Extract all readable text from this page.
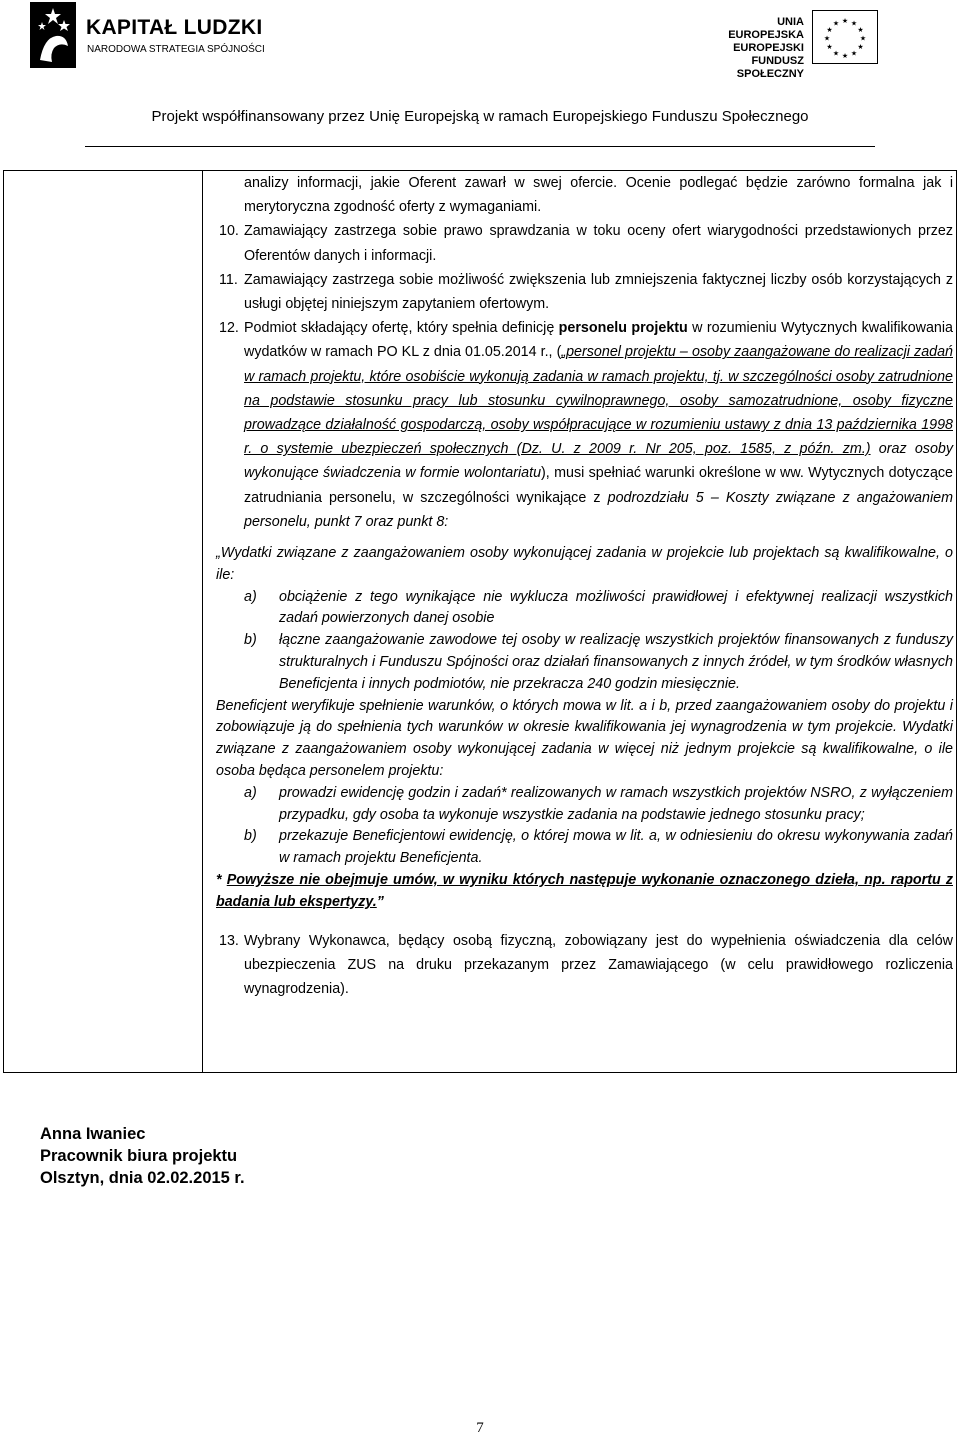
KAPITAŁ LUDZKI
NARODOWA STRATEGIA SPÓJNOŚCI
UNIA EUROPEJSKA
EUROPEJSKI
FUNDUSZ SPOŁECZNY
★ ★
★
★
★
★
★
★
★
★
★
★
Projekt współfinansowany przez Unię Europejską w ramach Europejskiego Funduszu Społecznego

analizy informacji, jakie Oferent zawarł w swej ofercie. Ocenie podlegać będzie zarówno formalna jak i merytoryczna zgodność oferty z wymaganiami.

10. Zamawiający zastrzega sobie prawo sprawdzania w toku oceny ofert wiarygodności przedstawionych przez Oferentów danych i informacji.
11. Zamawiający zastrzega sobie możliwość zwiększenia lub zmniejszenia faktycznej liczby osób korzystających z usługi objętej niniejszym zapytaniem ofertowym.
12. Podmiot składający ofertę, który spełnia definicję personelu projektu w rozumieniu Wytycznych kwalifikowania wydatków w ramach PO KL z dnia 01.05.2014 r., („personel projektu – osoby zaangażowane do realizacji zadań w ramach projektu, które osobiście wykonują zadania w ramach projektu, tj. w szczególności osoby zatrudnione na podstawie stosunku pracy lub stosunku cywilnoprawnego, osoby samozatrudnione, osoby fizyczne prowadzące działalność gospodarczą, osoby współpracujące w rozumieniu ustawy z dnia 13 października 1998 r. o systemie ubezpieczeń społecznych (Dz. U. z 2009 r. Nr 205, poz. 1585, z późn. zm.) oraz osoby wykonujące świadczenia w formie wolontariatu), musi spełniać warunki określone w ww. Wytycznych dotyczące zatrudniania personelu, w szczególności wynikające z podrozdziału 5 – Koszty związane z angażowaniem personelu, punkt 7 oraz punkt 8:
„Wydatki związane z zaangażowaniem osoby wykonującej zadania w projekcie lub projektach są kwalifikowalne, o ile:
a) obciążenie z tego wynikające nie wyklucza możliwości prawidłowej i efektywnej realizacji wszystkich zadań powierzonych danej osobie
b) łączne zaangażowanie zawodowe tej osoby w realizację wszystkich projektów finansowanych z funduszy strukturalnych i Funduszu Spójności oraz działań finansowanych z innych źródeł, w tym środków własnych Beneficjenta i innych podmiotów, nie przekracza 240 godzin miesięcznie.
Beneficjent weryfikuje spełnienie warunków, o których mowa w lit. a i b, przed zaangażowaniem osoby do projektu i zobowiązuje ją do spełnienia tych warunków w okresie kwalifikowania jej wynagrodzenia w tym projekcie. Wydatki związane z zaangażowaniem osoby wykonującej zadania w więcej niż jednym projekcie są kwalifikowalne, o ile osoba będąca personelem projektu:
a) prowadzi ewidencję godzin i zadań* realizowanych w ramach wszystkich projektów NSRO, z wyłączeniem przypadku, gdy osoba ta wykonuje wszystkie zadania na podstawie jednego stosunku pracy;
b) przekazuje Beneficjentowi ewidencję, o której mowa w lit. a, w odniesieniu do okresu wykonywania zadań w ramach projektu Beneficjenta.
* Powyższe nie obejmuje umów, w wyniku których następuje wykonanie oznaczonego dzieła, np. raportu z badania lub ekspertyzy.”
13. Wybrany Wykonawca, będący osobą fizyczną, zobowiązany jest do wypełnienia oświadczenia dla celów ubezpieczenia ZUS na druku przekazanym przez Zamawiającego (w celu prawidłowego rozliczenia wynagrodzenia).
Anna Iwaniec
Pracownik biura projektu
Olsztyn, dnia 02.02.2015 r.
7
